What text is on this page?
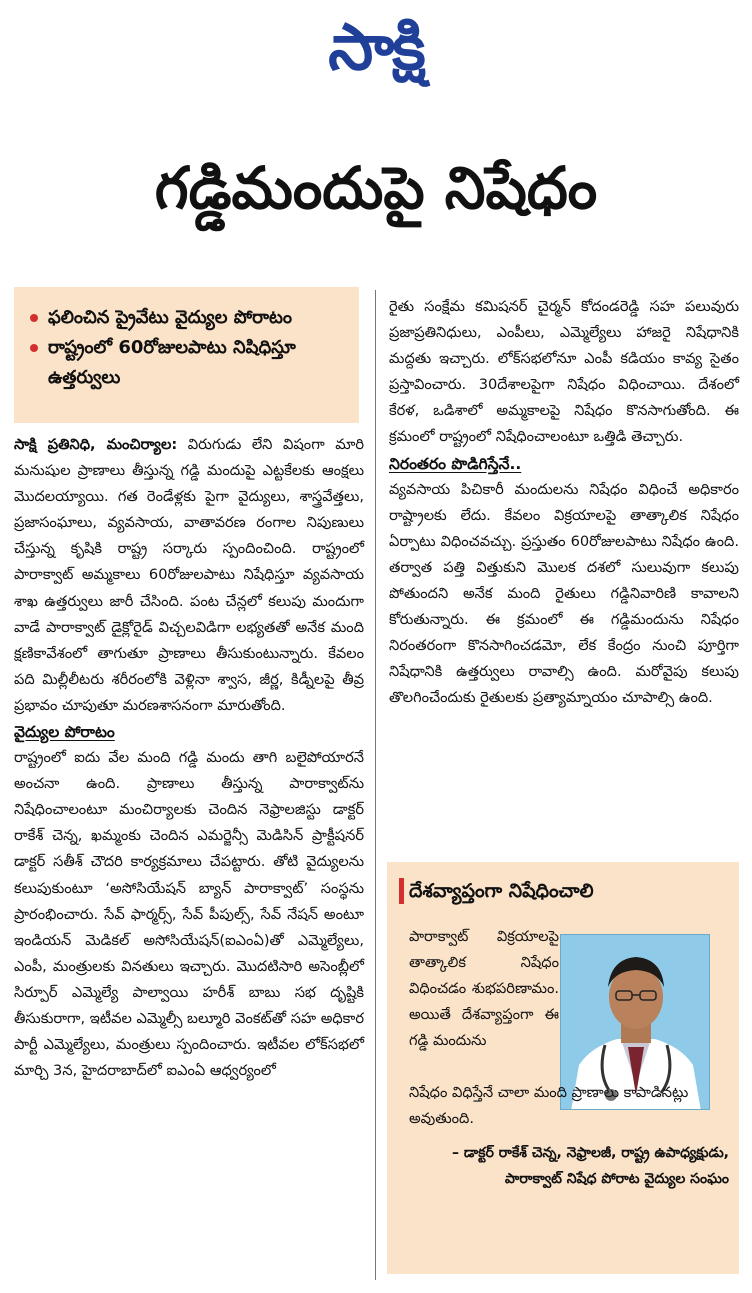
సాక్షి
గడ్డిమందుపై నిషేధం
ఫలించిన ప్రైవేటు వైద్యుల పోరాటం
రాష్ట్రంలో 60రోజులపాటు నిషిధిస్తూ ఉత్తర్వులు

సాక్షి ప్రతినిధి, మంచిర్యాల: విరుగుడు లేని విషంగా మారి మనుషుల ప్రాణాలు తీస్తున్న గడ్డి మందుపై ఎట్టకేలకు ఆంక్షలు మొదలయ్యాయి. గత రెండేళ్లకు పైగా వైద్యులు, శాస్త్రవేత్తలు, ప్రజాసంఘాలు, వ్యవసాయ, వాతావరణ రంగాల నిపుణులు చేస్తున్న కృషికి రాష్ట్ర సర్కారు స్పందించింది. రాష్ట్రంలో పారాక్వాట్ అమ్మకాలు 60రోజులపాటు నిషేధిస్తూ వ్యవసాయ శాఖ ఉత్తర్వులు జారీ చేసింది. పంట చేన్లలో కలుపు మందుగా వాడే పారాక్వాట్ డైక్లోరైడ్ విచ్చలవిడిగా లభ్యతతో అనేక మంది క్షణికావేశంలో తాగుతూ ప్రాణాలు తీసుకుంటున్నారు. కేవలం పది మిల్లీలీటరు శరీరంలోకి వెళ్లినా శ్వాస, జీర్ణ, కిడ్నీలపై తీవ్ర ప్రభావం చూపుతూ మరణశాసనంగా మారుతోంది.

వైద్యుల పోరాటం

రాష్ట్రంలో ఐదు వేల మంది గడ్డి మందు తాగి బలైపోయారనే అంచనా ఉంది. ప్రాణాలు తీస్తున్న పారాక్వాట్‌ను నిషేధించాలంటూ మంచిర్యాలకు చెందిన నెఫ్రాలజిస్టు డాక్టర్ రాకేశ్ చెన్న, ఖమ్మంకు చెందిన ఎమర్జెన్సీ మెడిసిన్ ప్రాక్టీషనర్ డాక్టర్ సతీశ్ చౌదరి కార్యక్రమాలు చేపట్టారు. తోటి వైద్యులను కలుపుకుంటూ ‘అసోసియేషన్ బ్యాన్ పారాక్వాట్’ సంస్థను ప్రారంభించారు. సేవ్ ఫార్మర్స్, సేవ్ పీపుల్స్, సేవ్ నేషన్ అంటూ ఇండియన్ మెడికల్ అసోసియేషన్(ఐఎంఏ)తో ఎమ్మెల్యేలు, ఎంపీ, మంత్రులకు వినతులు ఇచ్చారు. మొదటిసారి అసెంబ్లీలో సిర్పూర్ ఎమ్మెల్యే పాల్వాయి హరీశ్ బాబు సభ దృష్టికి తీసుకురాగా, ఇటీవల ఎమ్మెల్సీ బల్మూరి వెంకట్‌తో సహ అధికార పార్టీ ఎమ్మెల్యేలు, మంత్రులు స్పందించారు. ఇటీవల లోక్‌సభలో మార్చి 3న, హైదరాబాద్‌లో ఐఎంఏ ఆధ్వర్యంలో

రైతు సంక్షేమ కమిషనర్ చైర్మన్ కోదండరెడ్డి సహ పలువురు ప్రజాప్రతినిధులు, ఎంపీలు, ఎమ్మెల్యేలు హాజరై నిషేధానికి మద్దతు ఇచ్చారు. లోక్‌సభలోనూ ఎంపీ కడియం కావ్య సైతం ప్రస్తావించారు. 30దేశాలపైగా నిషేధం విధించాయి. దేశంలో కేరళ, ఒడిశాలో అమ్మకాలపై నిషేధం కొనసాగుతోంది. ఈ క్రమంలో రాష్ట్రంలో నిషేధించాలంటూ ఒత్తిడి తెచ్చారు.

నిరంతరం పొడిగిస్తేనే..

వ్యవసాయ పిచికారీ మందులను నిషేధం విధించే అధికారం రాష్ట్రాలకు లేదు. కేవలం విక్రయాలపై తాత్కాలిక నిషేధం ఏర్పాటు విధించవచ్చు. ప్రస్తుతం 60రోజులపాటు నిషేధం ఉంది. తర్వాత పత్తి విత్తుకుని మొలక దశలో సులువుగా కలుపు పోతుందని అనేక మంది రైతులు గడ్డినివారిణి కావాలని కోరుతున్నారు. ఈ క్రమంలో ఈ గడ్డిమందును నిషేధం నిరంతరంగా కొనసాగించడమో, లేక కేంద్రం నుంచి పూర్తిగా నిషేధానికి ఉత్తర్వులు రావాల్సి ఉంది. మరోవైపు కలుపు తొలగించేందుకు రైతులకు ప్రత్యామ్నాయం చూపాల్సి ఉంది.

దేశవ్యాప్తంగా నిషేధించాలి
పారాక్వాట్ విక్రయాలపై తాత్కాలిక నిషేధం విధించడం శుభపరిణామం. అయితే దేశవ్యాప్తంగా ఈ గడ్డి మందును
నిషేధం విధిస్తేనే చాలా మంది ప్రాణాలు కాపాడినట్లు అవుతుంది.
– డాక్టర్ రాకేశ్ చెన్న, నెఫ్రాలజీ, రాష్ట్ర ఉపాధ్యక్షుడు, పారాక్వాట్ నిషేధ పోరాట వైద్యుల సంఘం
